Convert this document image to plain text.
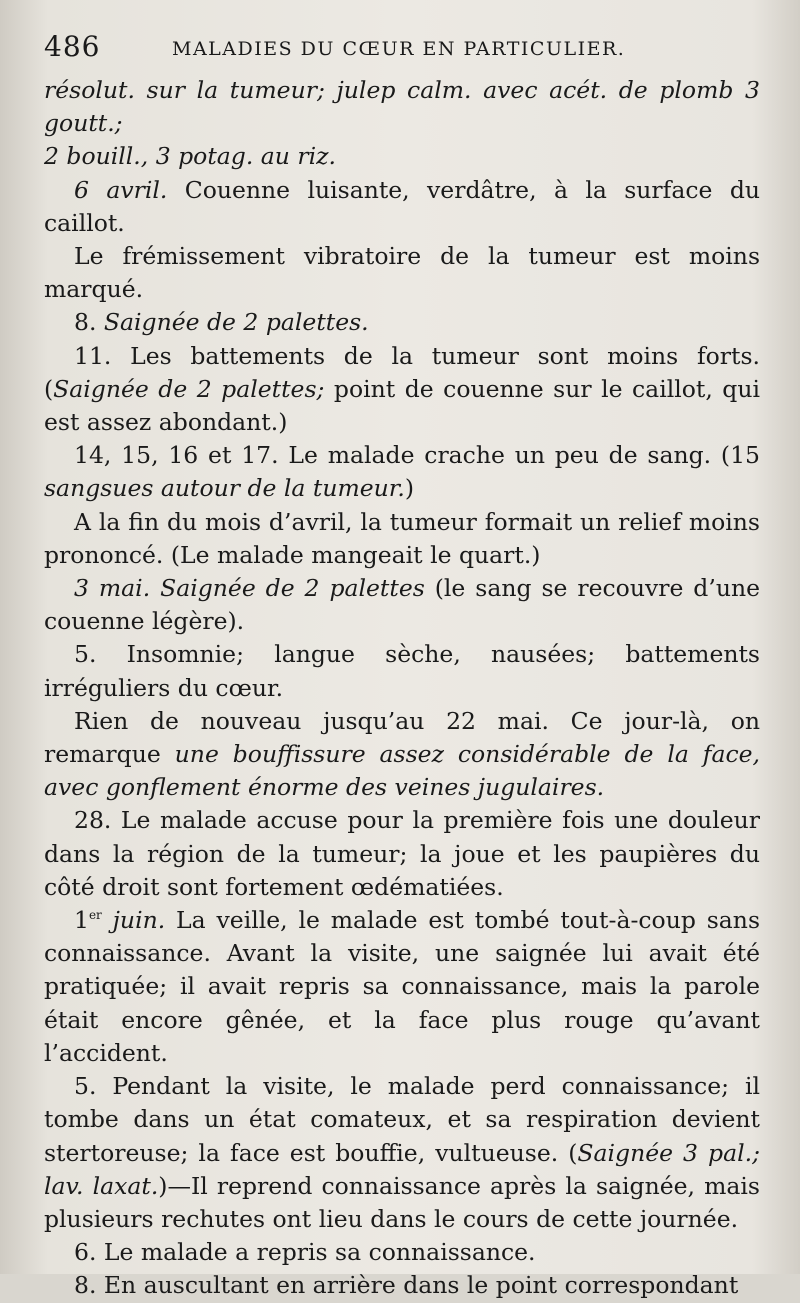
486	MALADIES DU CŒUR EN PARTICULIER.

résolut. sur la tumeur; julep calm. avec acét. de plomb 3 goutt.;
2 bouill., 3 potag. au riz.

6 avril. Couenne luisante, verdâtre, à la surface du caillot.

Le frémissement vibratoire de la tumeur est moins marqué.

8. Saignée de 2 palettes.

11. Les battements de la tumeur sont moins forts. (Saignée de 2 palettes; point de couenne sur le caillot, qui est assez abondant.)

14, 15, 16 et 17. Le malade crache un peu de sang. (15 sangsues autour de la tumeur.)

A la fin du mois d’avril, la tumeur formait un relief moins prononcé. (Le malade mangeait le quart.)

3 mai. Saignée de 2 palettes (le sang se recouvre d’une couenne légère).

5. Insomnie; langue sèche, nausées; battements irréguliers du cœur.

Rien de nouveau jusqu’au 22 mai. Ce jour-là, on remarque une bouffissure assez considérable de la face, avec gonflement énorme des veines jugulaires.

28. Le malade accuse pour la première fois une douleur dans la région de la tumeur; la joue et les paupières du côté droit sont fortement œdématiées.

1er juin. La veille, le malade est tombé tout-à-coup sans connaissance. Avant la visite, une saignée lui avait été pratiquée; il avait repris sa connaissance, mais la parole était encore gênée, et la face plus rouge qu’avant l’accident.

5. Pendant la visite, le malade perd connaissance; il tombe dans un état comateux, et sa respiration devient stertoreuse; la face est bouffie, vultueuse. (Saignée 3 pal.; lav. laxat.)—Il reprend connaissance après la saignée, mais plusieurs rechutes ont lieu dans le cours de cette journée.

6. Le malade a repris sa connaissance.

8. En auscultant en arrière dans le point correspondant
